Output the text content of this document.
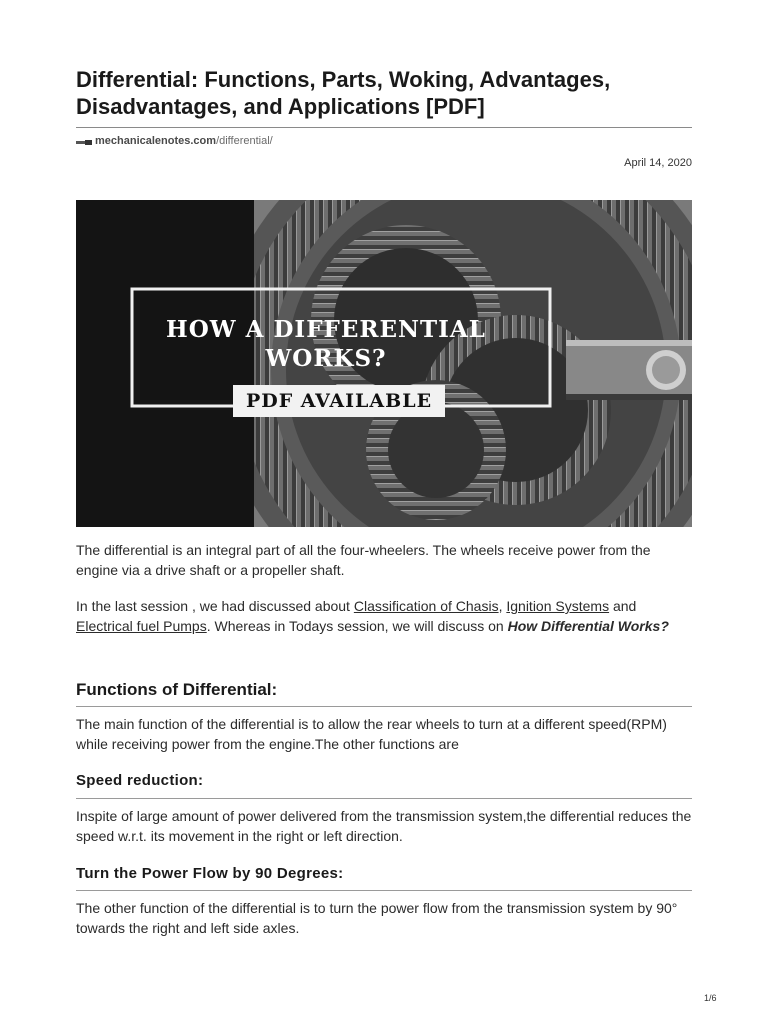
Differential: Functions, Parts, Woking, Advantages,
Disadvantages, and Applications [PDF]
mechanicalenotes.com /differential/
April 14, 2020
HOW A DIFFERENTIAL
WORKS?
PDF AVAILABLE

The differential is an integral part of all the four-wheelers. The wheels receive power from the engine via a drive shaft or a propeller shaft.

In the last session , we had discussed about Classification of Chasis, Ignition Systems and Electrical fuel Pumps. Whereas in Todays session, we will discuss on How Differential Works?

Functions of Differential:

The main function of the differential is to allow the rear wheels to turn at a different speed(RPM) while receiving power from the engine.The other functions are

Speed reduction:

Inspite of large amount of power delivered from the transmission system,the differential reduces the speed w.r.t. its movement in the right or left direction.

Turn the Power Flow by 90 Degrees:

The other function of the differential is to turn the power flow from the transmission system by 90° towards the right and left side axles.

1/6
